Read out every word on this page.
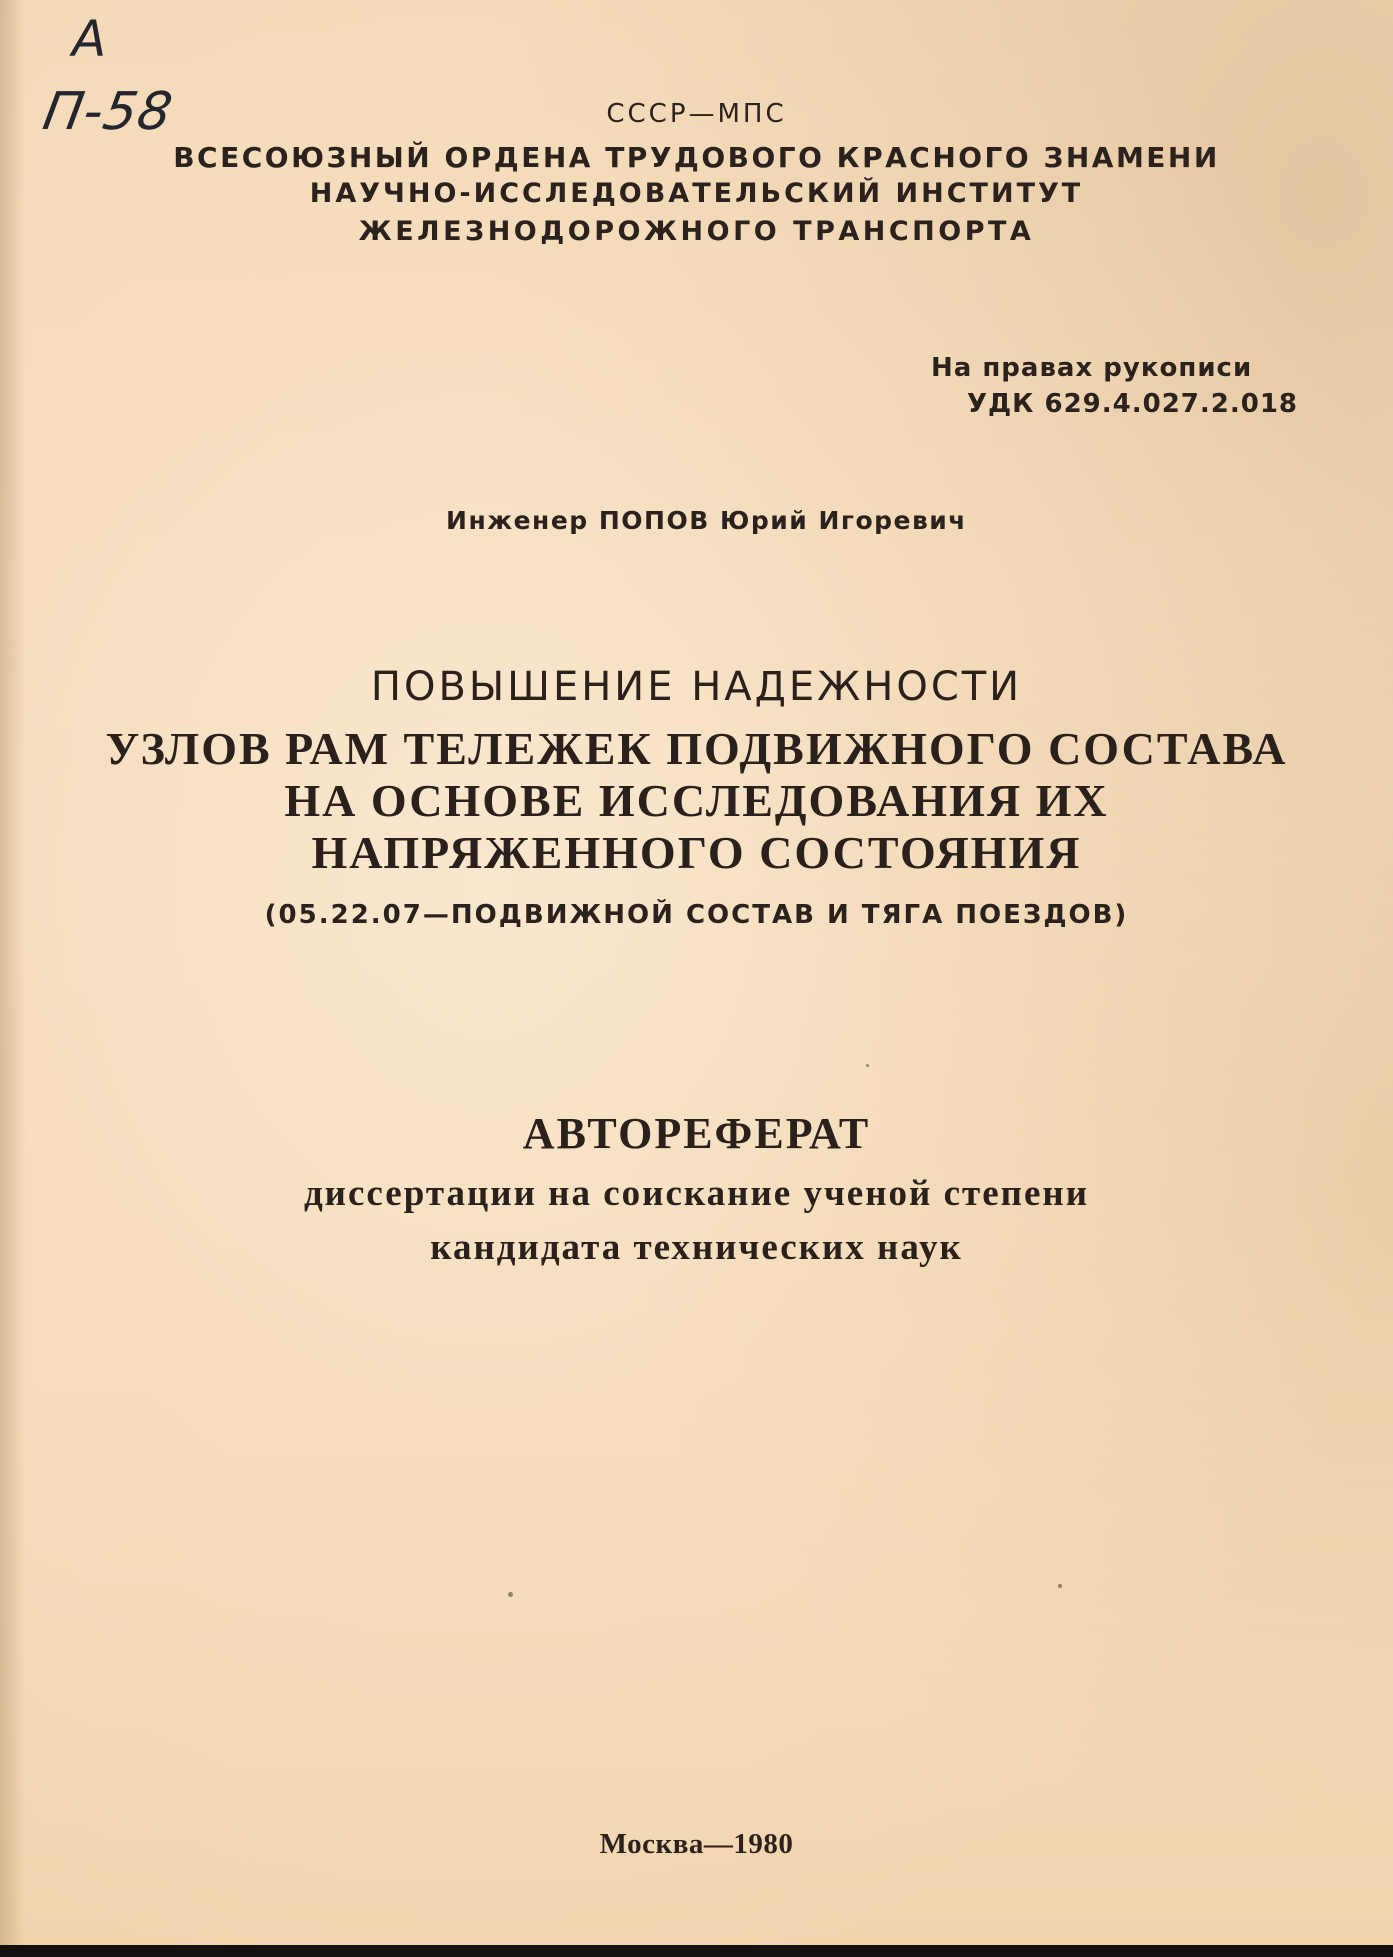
А
П-58	СССР—МПС
ВСЕСОЮЗНЫЙ ОРДЕНА ТРУДОВОГО КРАСНОГО ЗНАМЕНИ
НАУЧНО-ИССЛЕДОВАТЕЛЬСКИЙ ИНСТИТУТ
ЖЕЛЕЗНОДОРОЖНОГО ТРАНСПОРТА
На правах рукописи
УДК 629.4.027.2.018
Инженер ПОПОВ Юрий Игоревич
ПОВЫШЕНИЕ НАДЕЖНОСТИ
УЗЛОВ РАМ ТЕЛЕЖЕК ПОДВИЖНОГО СОСТАВА
НА ОСНОВЕ ИССЛЕДОВАНИЯ ИХ
НАПРЯЖЕННОГО СОСТОЯНИЯ
(05.22.07—ПОДВИЖНОЙ СОСТАВ И ТЯГА ПОЕЗДОВ)
АВТОРЕФЕРАТ
диссертации на соискание ученой степени
кандидата технических наук
Москва—1980
